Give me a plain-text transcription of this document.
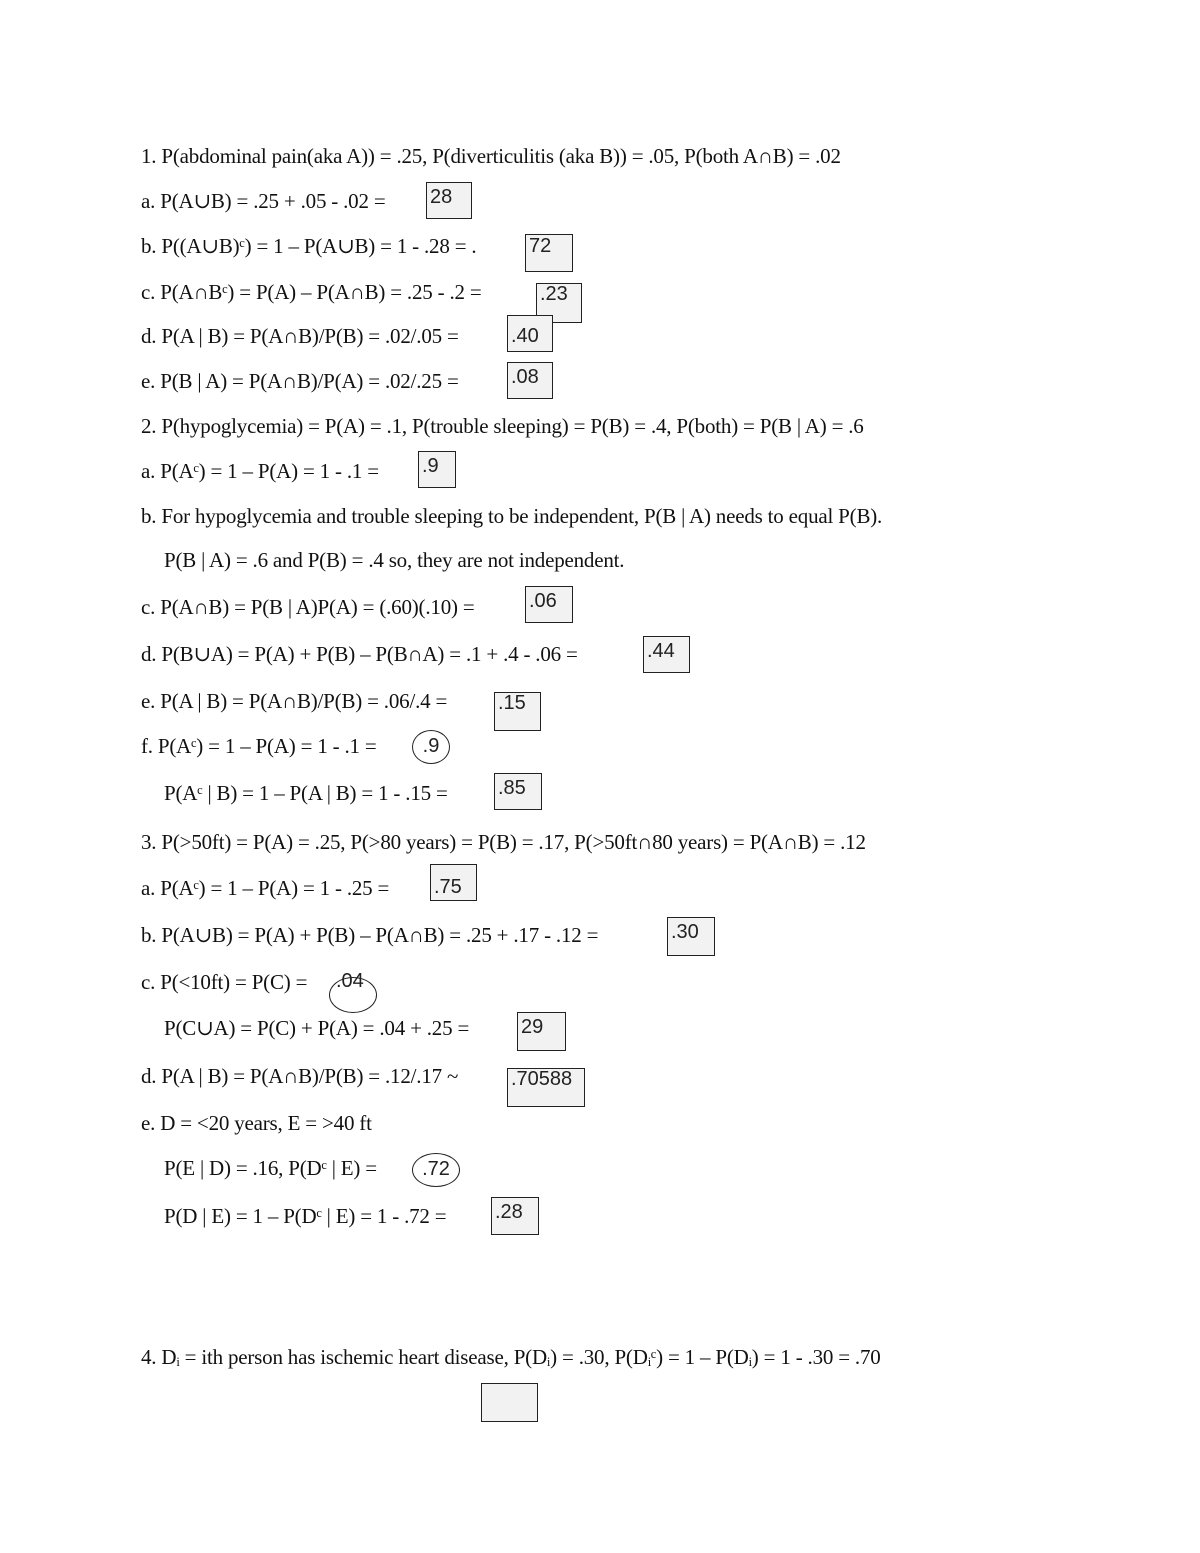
1. P(abdominal pain(aka A)) = .25, P(diverticulitis (aka B)) = .05, P(both A∩B) = .02
a. P(A∪B) = .25 + .05 - .02 = 28
b. P((A∪B)ᶜ) = 1 – P(A∪B) = 1 - .28 = .	72
c. P(A∩Bᶜ) = P(A) – P(A∩B) = .25 - .2 =	.23
d. P(A | B) = P(A∩B)/P(B) = .02/.05 =	.40
e. P(B | A) = P(A∩B)/P(A) = .02/.25 =	.08
2. P(hypoglycemia) = P(A) = .1, P(trouble sleeping) = P(B) = .4, P(both) = P(B | A) = .6
a. P(Aᶜ) = 1 – P(A) = 1 - .1 = .9
b. For hypoglycemia and trouble sleeping to be independent, P(B | A) needs to equal P(B).
P(B | A) = .6 and P(B) = .4 so, they are not independent.
c. P(A∩B) = P(B | A)P(A) = (.60)(.10) =	.06
d. P(B∪A) = P(A) + P(B) – P(B∩A) = .1 + .4 - .06 =	.44
e. P(A | B) = P(A∩B)/P(B) = .06/.4 =	.15
f. P(Aᶜ) = 1 – P(A) = 1 - .1 =	.9
P(Aᶜ | B) = 1 – P(A | B) = 1 - .15 =	.85
3. P(>50ft) = P(A) = .25, P(>80 years) = P(B) = .17, P(>50ft∩80 years) = P(A∩B) = .12
a. P(Aᶜ) = 1 – P(A) = 1 - .25 = .75
b. P(A∪B) = P(A) + P(B) – P(A∩B) = .25 + .17 - .12 =	.30
c. P(<10ft) = P(C) = .04
P(C∪A) = P(C) + P(A) = .04 + .25 =	29
d. P(A | B) = P(A∩B)/P(B) = .12/.17 ~	.70588
e. D = <20 years, E = >40 ft
P(E | D) = .16, P(Dᶜ | E) =	.72
P(D | E) = 1 – P(Dᶜ | E) = 1 - .72 = .28
4. Dᵢ = ith person has ischemic heart disease, P(Dᵢ) = .30, P(Dᵢᶜ) = 1 – P(Dᵢ) = 1 - .30 = .70
